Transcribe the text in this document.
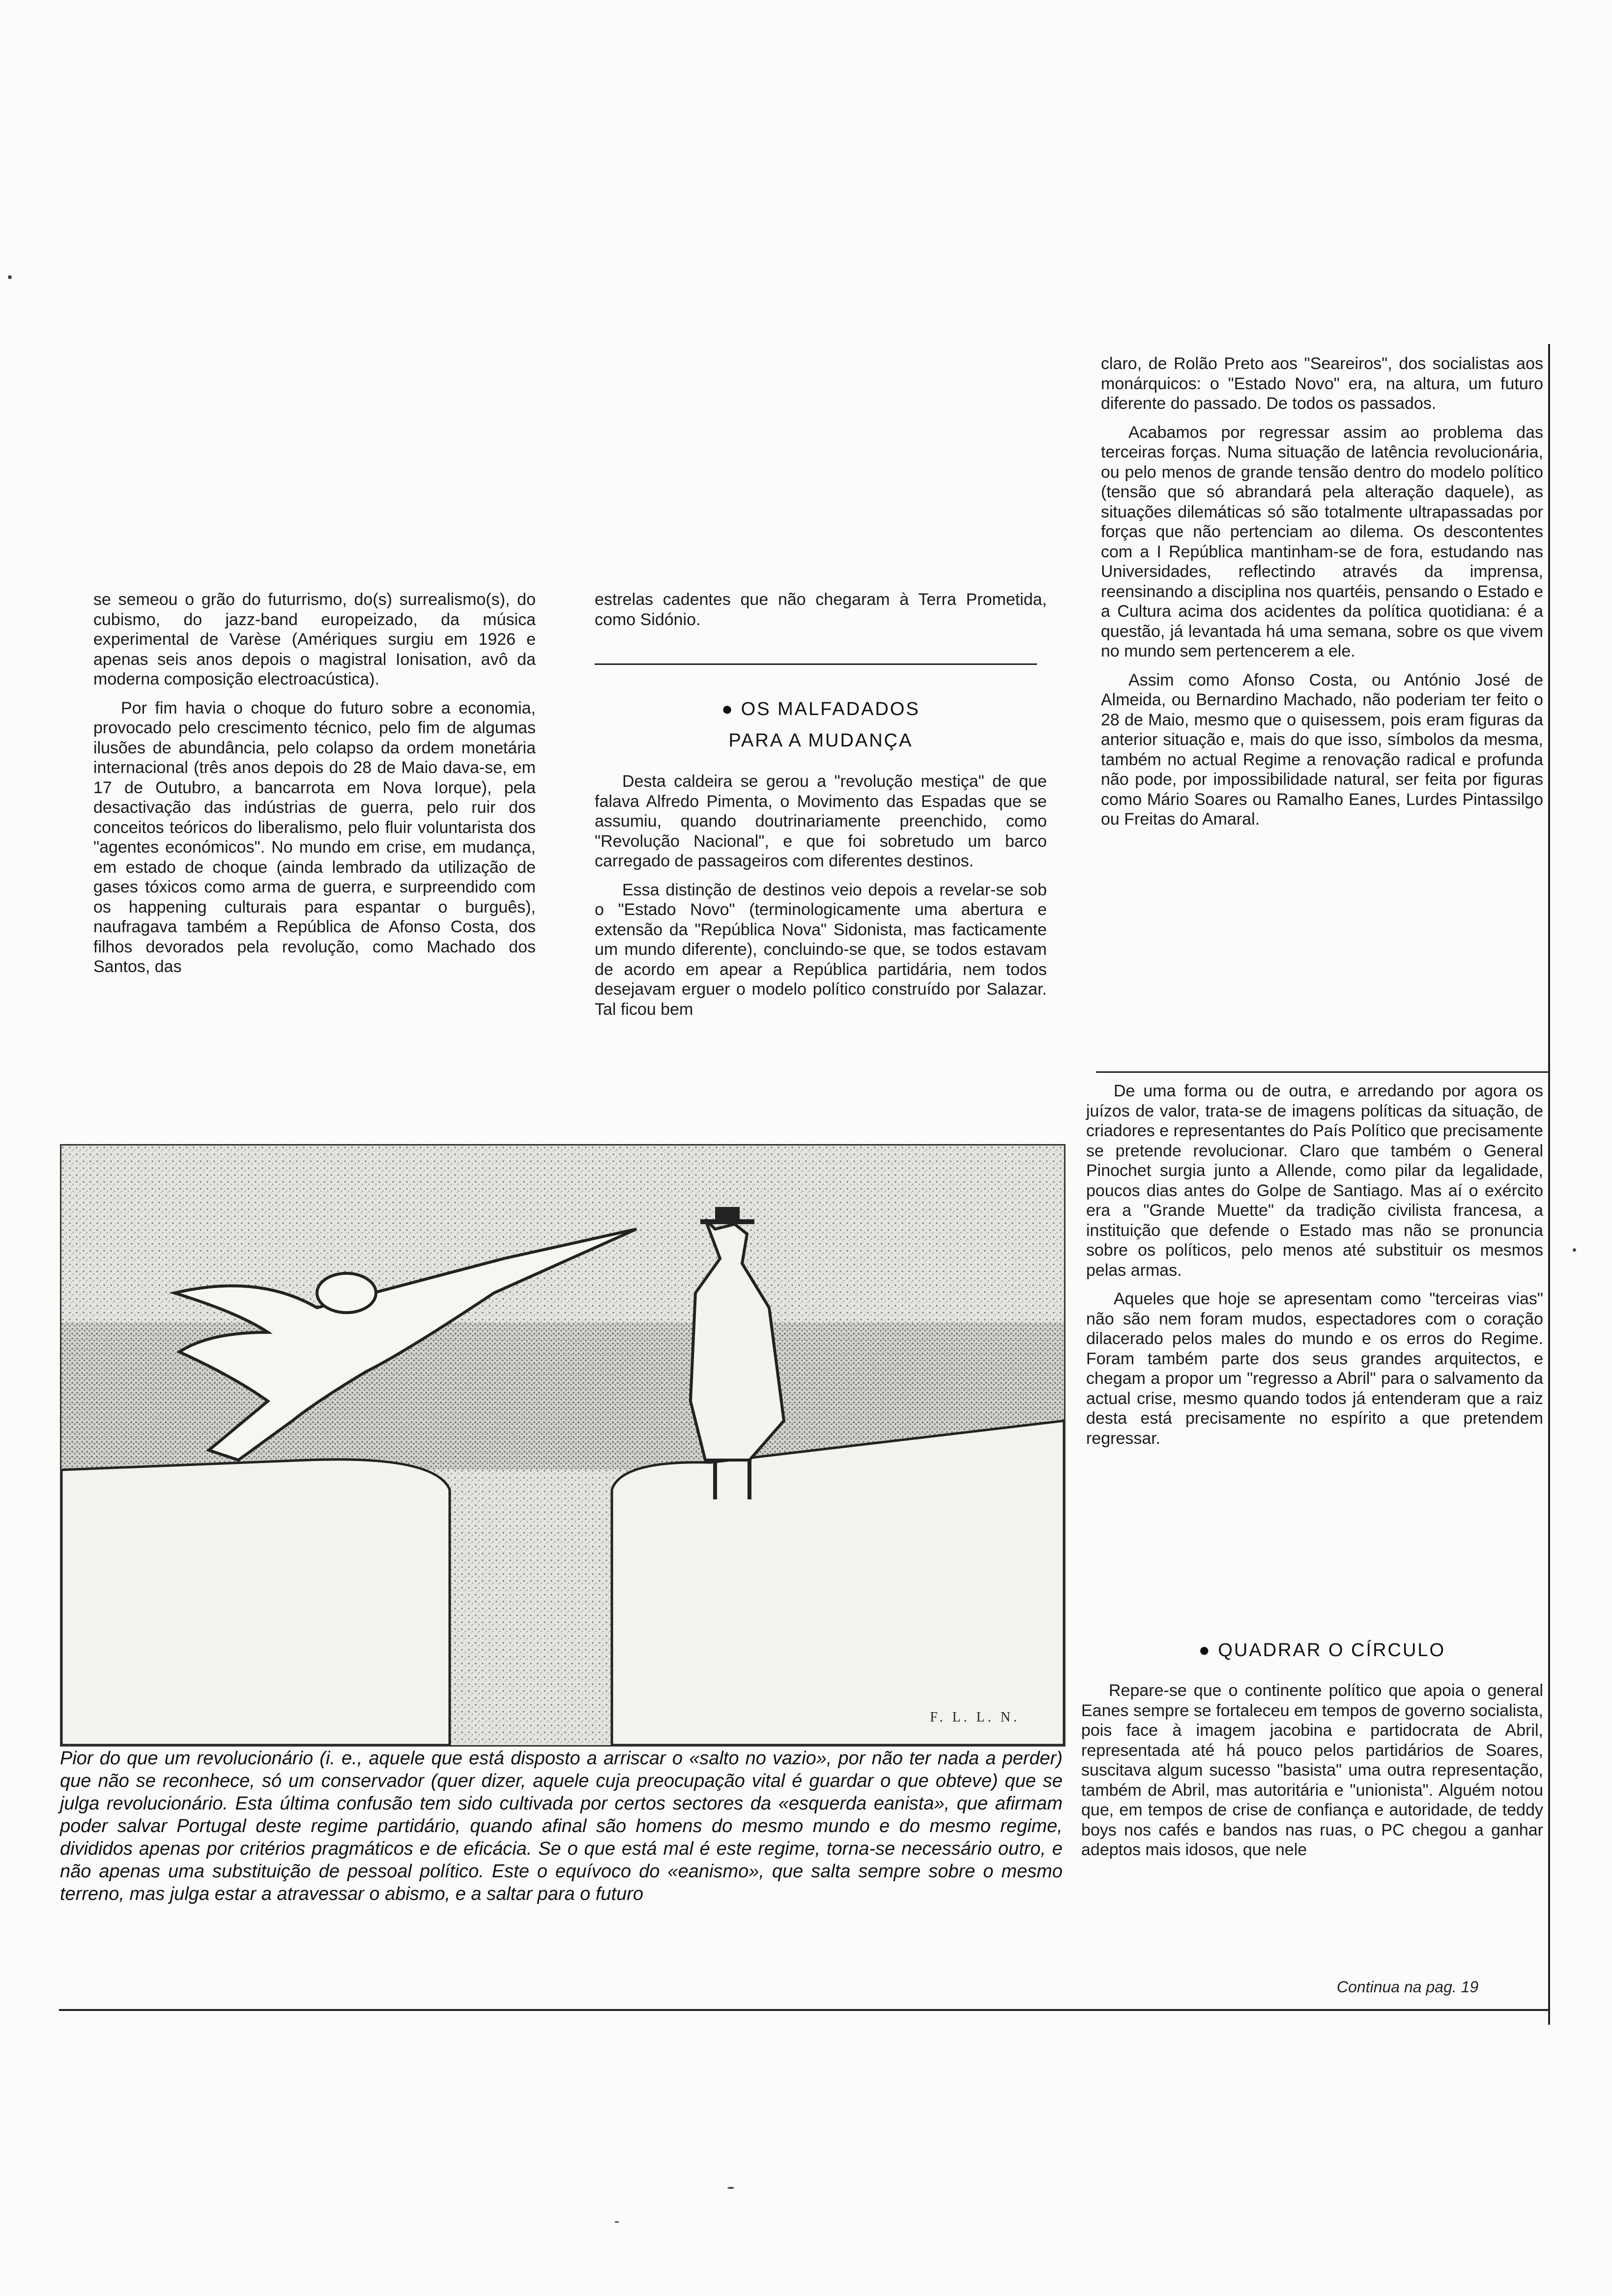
se semeou o grão do futurrismo, do(s) surrealismo(s), do cubismo, do jazz-band europeizado, da música experimental de Varèse (Amériques surgiu em 1926 e apenas seis anos depois o magistral Ionisation, avô da moderna composição electroacústica).

Por fim havia o choque do futuro sobre a economia, provocado pelo crescimento técnico, pelo fim de algumas ilusões de abundância, pelo colapso da ordem monetária internacional (três anos depois do 28 de Maio dava-se, em 17 de Outubro, a bancarrota em Nova Iorque), pela desactivação das indústrias de guerra, pelo ruir dos conceitos teóricos do liberalismo, pelo fluir voluntarista dos "agentes económicos". No mundo em crise, em mudança, em estado de choque (ainda lembrado da utilização de gases tóxicos como arma de guerra, e surpreendido com os happening culturais para espantar o burguês), naufragava também a República de Afonso Costa, dos filhos devorados pela revolução, como Machado dos Santos, das

estrelas cadentes que não chegaram à Terra Prometida, como Sidónio.

● OS MALFADADOS

PARA A MUDANÇA

Desta caldeira se gerou a "revolução mestiça" de que falava Alfredo Pimenta, o Movimento das Espadas que se assumiu, quando doutrinariamente preenchido, como "Revolução Nacional", e que foi sobretudo um barco carregado de passageiros com diferentes destinos.

Essa distinção de destinos veio depois a revelar-se sob o "Estado Novo" (terminologicamente uma abertura e extensão da "República Nova" Sidonista, mas facticamente um mundo diferente), concluindo-se que, se todos estavam de acordo em apear a República partidária, nem todos desejavam erguer o modelo político construído por Salazar. Tal ficou bem

claro, de Rolão Preto aos "Seareiros", dos socialistas aos monárquicos: o "Estado Novo" era, na altura, um futuro diferente do passado. De todos os passados.

Acabamos por regressar assim ao problema das terceiras forças. Numa situação de latência revolucionária, ou pelo menos de grande tensão dentro do modelo político (tensão que só abrandará pela alteração daquele), as situações dilemáticas só são totalmente ultrapassadas por forças que não pertenciam ao dilema. Os descontentes com a I República mantinham-se de fora, estudando nas Universidades, reflectindo através da imprensa, reensinando a disciplina nos quartéis, pensando o Estado e a Cultura acima dos acidentes da política quotidiana: é a questão, já levantada há uma semana, sobre os que vivem no mundo sem pertencerem a ele.

Assim como Afonso Costa, ou António José de Almeida, ou Bernardino Machado, não poderiam ter feito o 28 de Maio, mesmo que o quisessem, pois eram figuras da anterior situação e, mais do que isso, símbolos da mesma, também no actual Regime a renovação radical e profunda não pode, por impossibilidade natural, ser feita por figuras como Mário Soares ou Ramalho Eanes, Lurdes Pintassilgo ou Freitas do Amaral.

De uma forma ou de outra, e arredando por agora os juízos de valor, trata-se de imagens políticas da situação, de criadores e representantes do País Político que precisamente se pretende revolucionar. Claro que também o General Pinochet surgia junto a Allende, como pilar da legalidade, poucos dias antes do Golpe de Santiago. Mas aí o exército era a "Grande Muette" da tradição civilista francesa, a instituição que defende o Estado mas não se pronuncia sobre os políticos, pelo menos até substituir os mesmos pelas armas.

Aqueles que hoje se apresentam como "terceiras vias" não são nem foram mudos, espectadores com o coração dilacerado pelos males do mundo e os erros do Regime. Foram também parte dos seus grandes arquitectos, e chegam a propor um "regresso a Abril" para o salvamento da actual crise, mesmo quando todos já entenderam que a raiz desta está precisamente no espírito a que pretendem regressar.

● QUADRAR O CÍRCULO

Repare-se que o continente político que apoia o general Eanes sempre se fortaleceu em tempos de governo socialista, pois face à imagem jacobina e partidocrata de Abril, representada até há pouco pelos partidários de Soares, suscitava algum sucesso "basista" uma outra representação, também de Abril, mas autoritária e "unionista". Alguém notou que, em tempos de crise de confiança e autoridade, de teddy boys nos cafés e bandos nas ruas, o PC chegou a ganhar adeptos mais idosos, que nele

F. L. L. N.
Pior do que um revolucionário (i. e., aquele que está disposto a arriscar o «salto no vazio», por não ter nada a perder) que não se reconhece, só um conservador (quer dizer, aquele cuja preocupação vital é guardar o que obteve) que se julga revolucionário. Esta última confusão tem sido cultivada por certos sectores da «esquerda eanista», que afirmam poder salvar Portugal deste regime partidário, quando afinal são homens do mesmo mundo e do mesmo regime, divididos apenas por critérios pragmáticos e de eficácia. Se o que está mal é este regime, torna-se necessário outro, e não apenas uma substituição de pessoal político. Este o equívoco do «eanismo», que salta sempre sobre o mesmo terreno, mas julga estar a atravessar o abismo, e a saltar para o futuro
Continua na pag. 19
